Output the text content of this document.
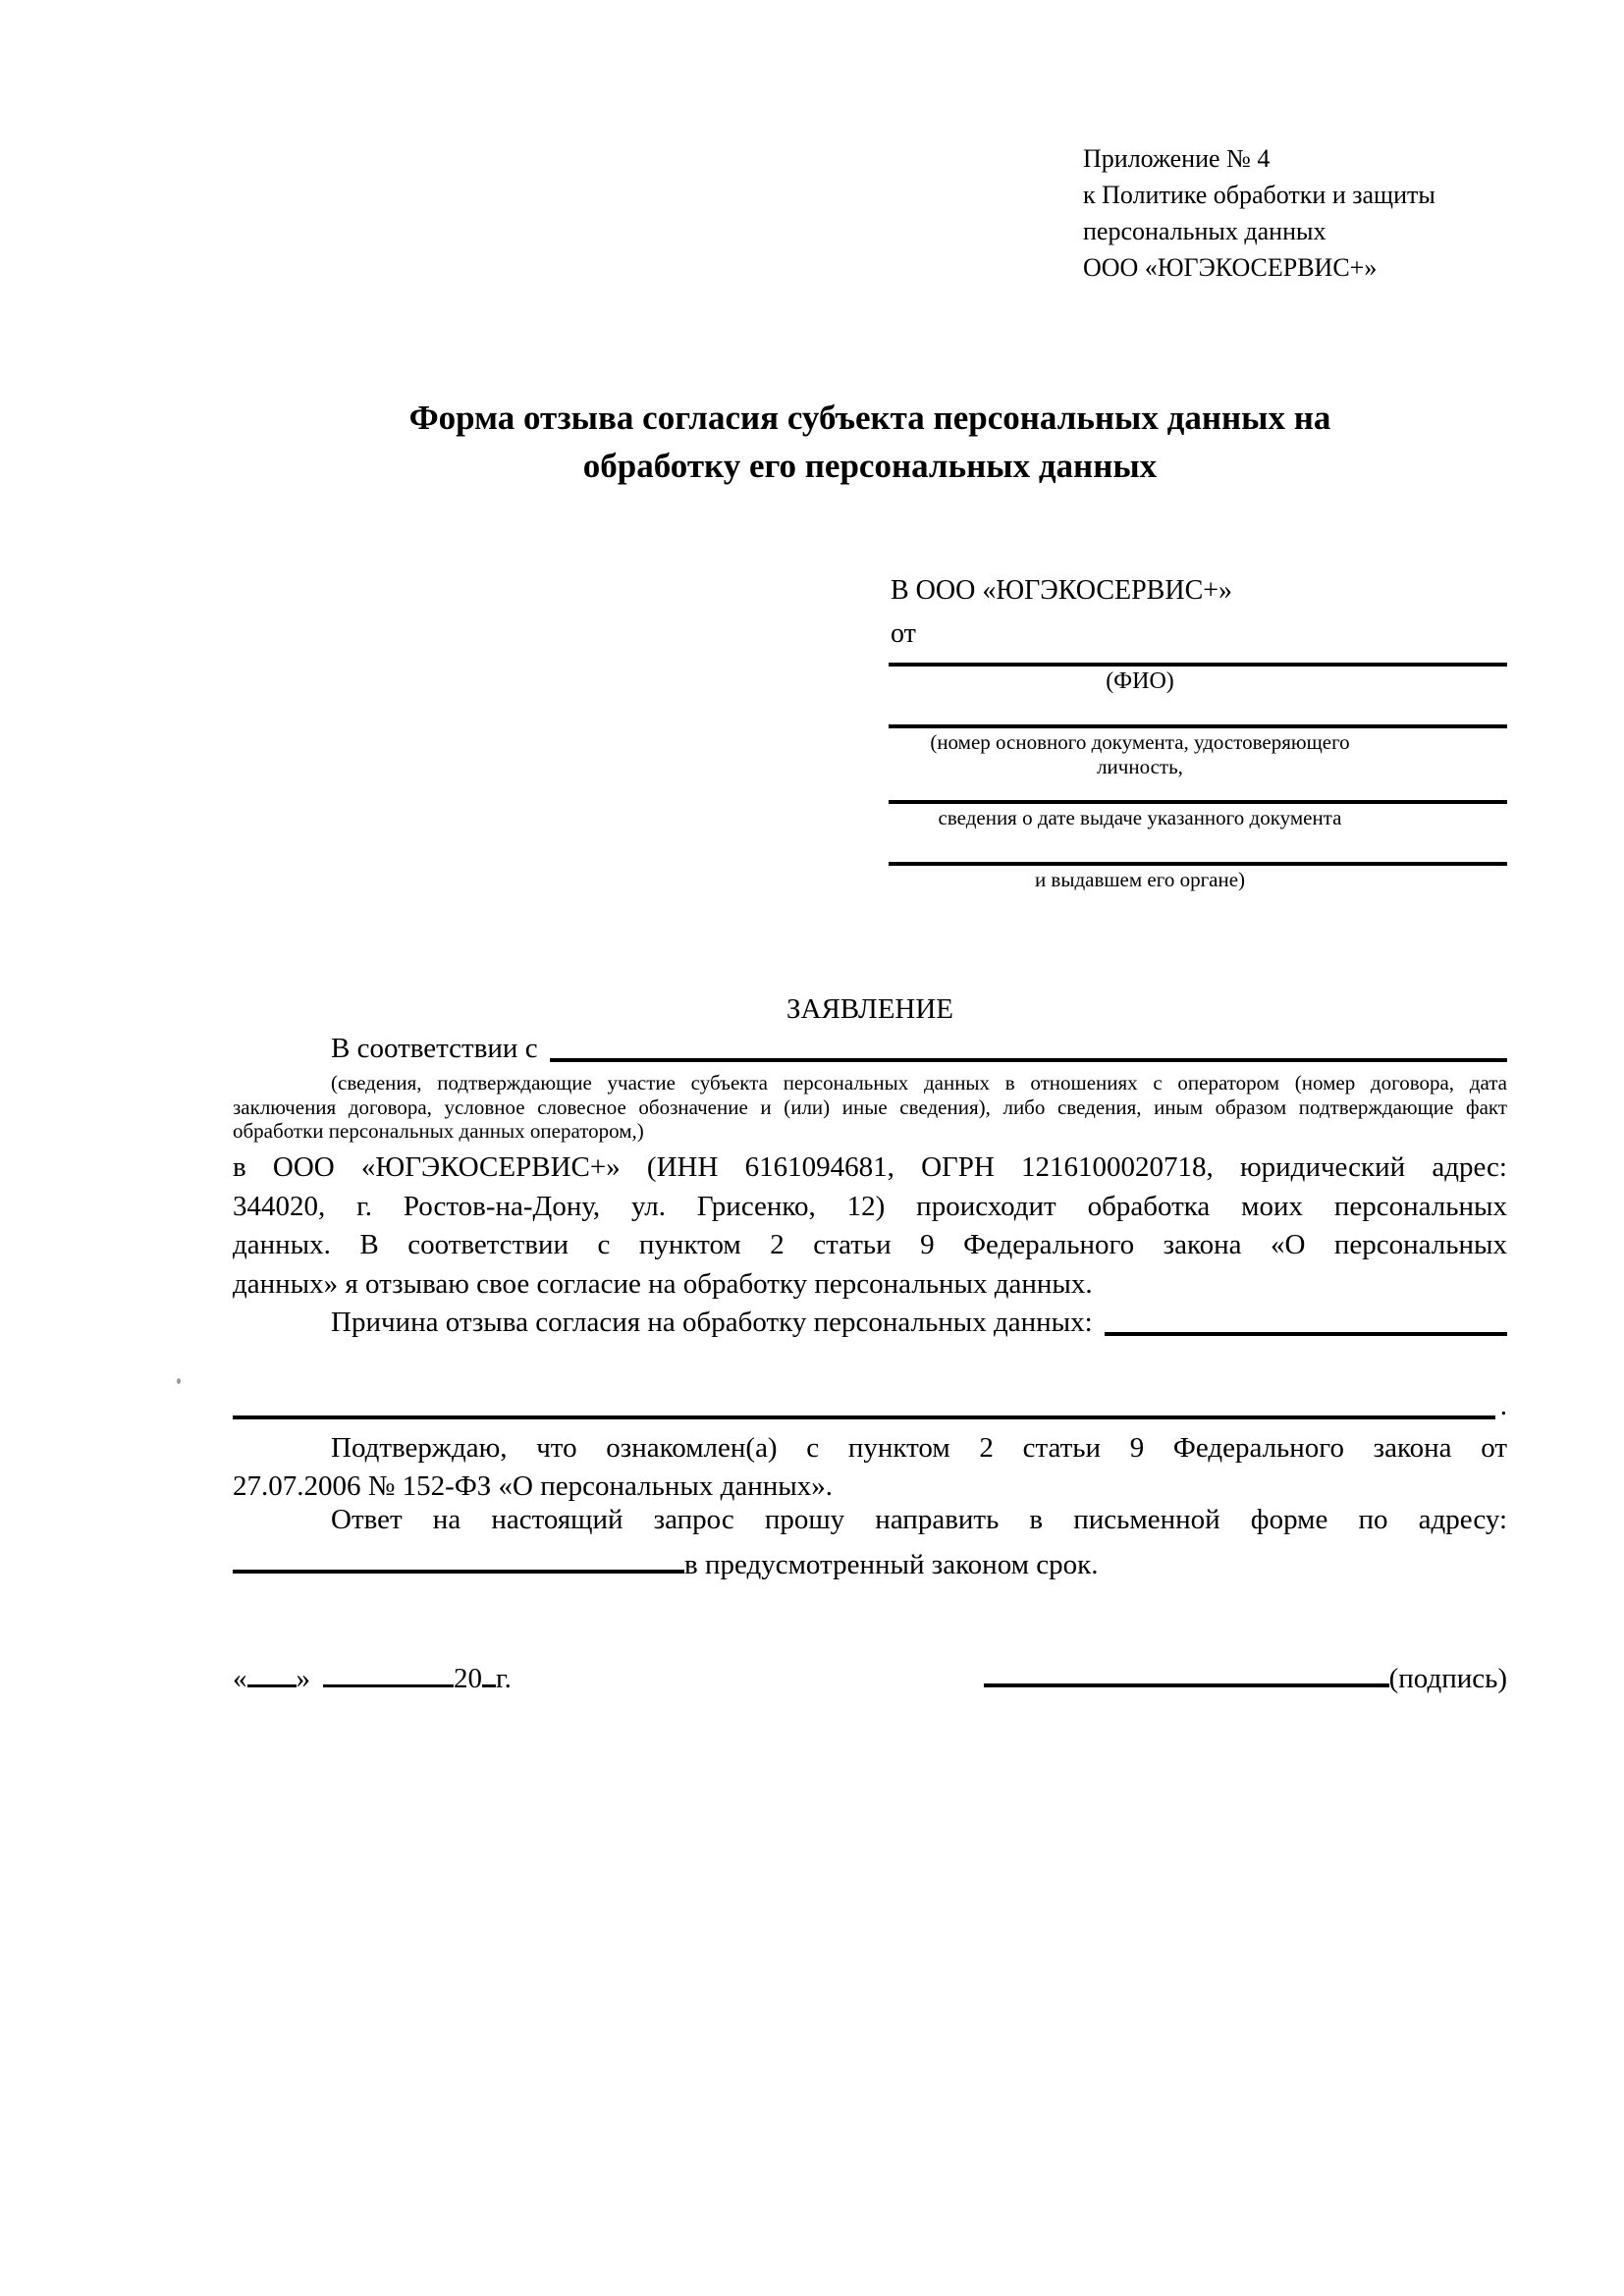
Приложение № 4
к Политике обработки и защиты
персональных данных
ООО «ЮГЭКОСЕРВИС+»
Форма отзыва согласия субъекта персональных данных на
обработку его персональных данных
В ООО «ЮГЭКОСЕРВИС+»
от
(ФИО)
(номер основного документа, удостоверяющего личность,
сведения о дате выдаче указанного документа
и выдавшем его органе)
ЗАЯВЛЕНИЕ
В соответствии с
(сведения, подтверждающие участие субъекта персональных данных в отношениях с оператором (номер договора, дата
заключения договора, условное словесное обозначение и (или) иные сведения), либо сведения, иным образом подтверждающие факт
обработки персональных данных оператором,)
в ООО «ЮГЭКОСЕРВИС+» (ИНН 6161094681, ОГРН 1216100020718, юридический адрес:
344020, г. Ростов-на-Дону, ул. Грисенко, 12) происходит обработка моих персональных
данных. В соответствии с пунктом 2 статьи 9 Федерального закона «О персональных
данных» я отзываю свое согласие на обработку персональных данных.
Причина отзыва согласия на обработку персональных данных:
.
Подтверждаю, что ознакомлен(а) с пунктом 2 статьи 9 Федерального закона от
27.07.2006 № 152-ФЗ «О персональных данных».
Ответ на настоящий запрос прошу направить в письменной форме по адресу:
в предусмотренный законом срок.
« »	20 г.	(подпись)
